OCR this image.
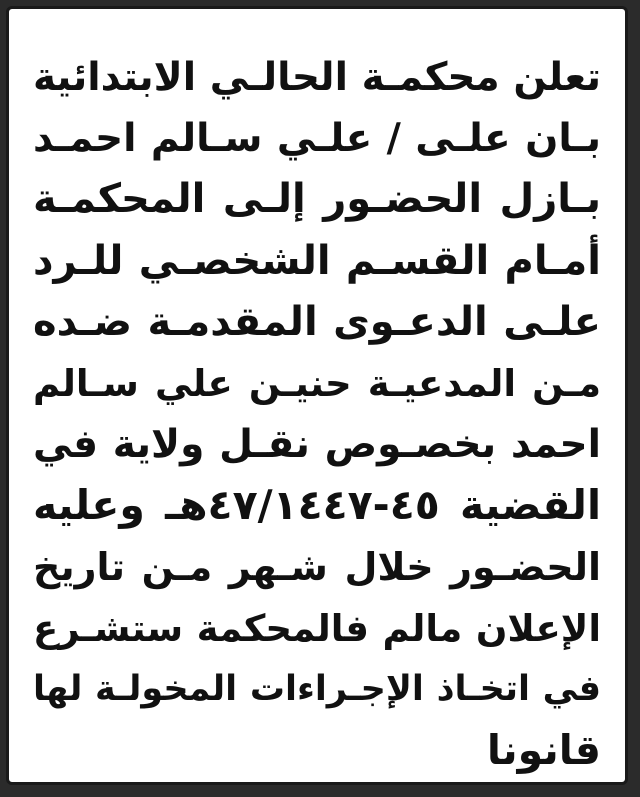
تعلن محكمـة الحالـي الابتدائية
بـان علـى / علـي سـالم احمـد
بـازل الحضـور إلـى المحكمـة
أمـام القسـم الشخصـي للـرد
علـى الدعـوى المقدمـة ضـده
مـن المدعيـة حنيـن علي سـالم
احمد بخصـوص نقـل ولاية في
القضية ٤٥-٤٧/١٤٤٧هـ وعليه
الحضـور خلال شـهر مـن تاريخ
الإعلان مالم فالمحكمة ستشـرع
في اتخـاذ الإجـراءات المخولـة لها
قانونا
